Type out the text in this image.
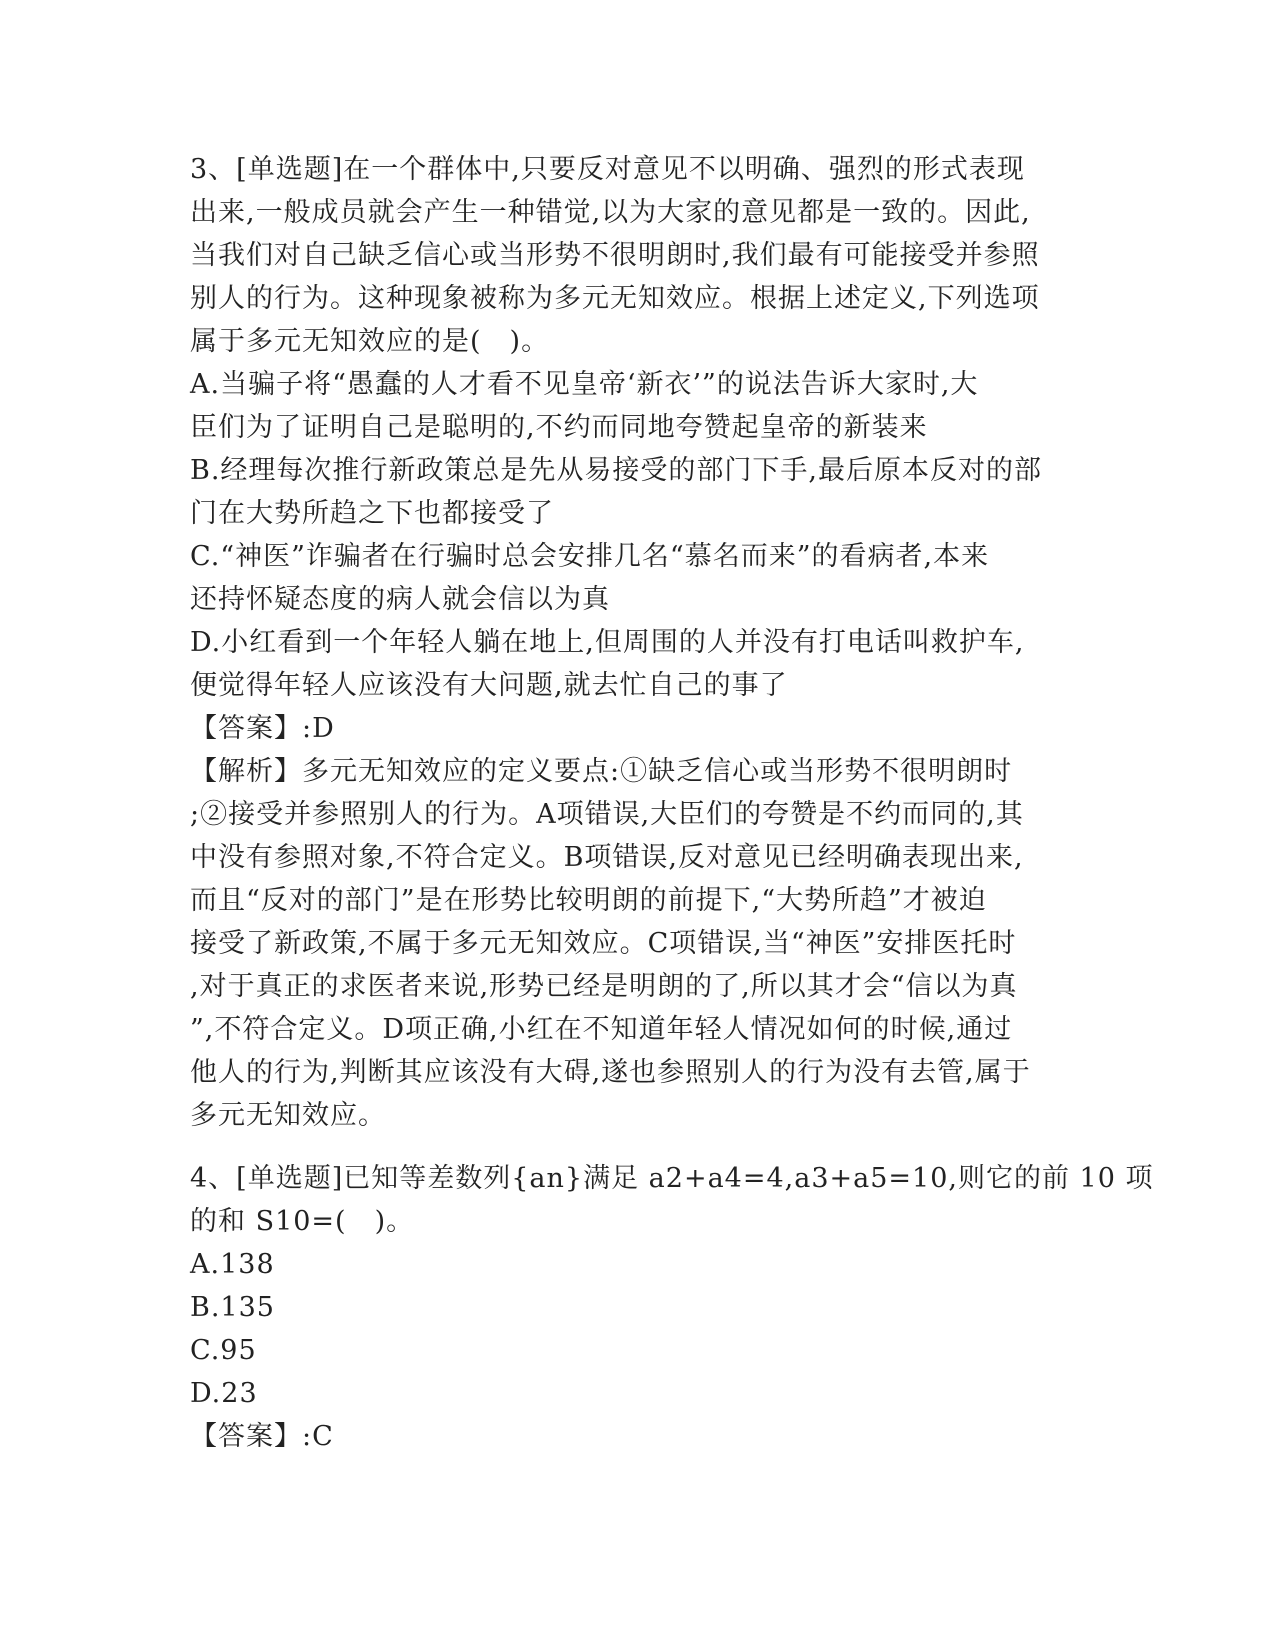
3、[单选题]在一个群体中,只要反对意见不以明确、强烈的形式表现
出来,一般成员就会产生一种错觉,以为大家的意见都是一致的。因此,
当我们对自己缺乏信心或当形势不很明朗时,我们最有可能接受并参照
别人的行为。这种现象被称为多元无知效应。根据上述定义,下列选项
属于多元无知效应的是(　)。
A.当骗子将“愚蠢的人才看不见皇帝‘新衣’”的说法告诉大家时,大
臣们为了证明自己是聪明的,不约而同地夸赞起皇帝的新装来
B.经理每次推行新政策总是先从易接受的部门下手,最后原本反对的部
门在大势所趋之下也都接受了
C.“神医”诈骗者在行骗时总会安排几名“慕名而来”的看病者,本来
还持怀疑态度的病人就会信以为真
D.小红看到一个年轻人躺在地上,但周围的人并没有打电话叫救护车,
便觉得年轻人应该没有大问题,就去忙自己的事了
【答案】:D
【解析】多元无知效应的定义要点:①缺乏信心或当形势不很明朗时
;②接受并参照别人的行为。A项错误,大臣们的夸赞是不约而同的,其
中没有参照对象,不符合定义。B项错误,反对意见已经明确表现出来,
而且“反对的部门”是在形势比较明朗的前提下,“大势所趋”才被迫
接受了新政策,不属于多元无知效应。C项错误,当“神医”安排医托时
,对于真正的求医者来说,形势已经是明朗的了,所以其才会“信以为真
”,不符合定义。D项正确,小红在不知道年轻人情况如何的时候,通过
他人的行为,判断其应该没有大碍,遂也参照别人的行为没有去管,属于
多元无知效应。
4、[单选题]已知等差数列{an}满足 a2+a4=4,a3+a5=10,则它的前 10 项
的和 S10=(　)。
A.138
B.135
C.95
D.23
【答案】:C
